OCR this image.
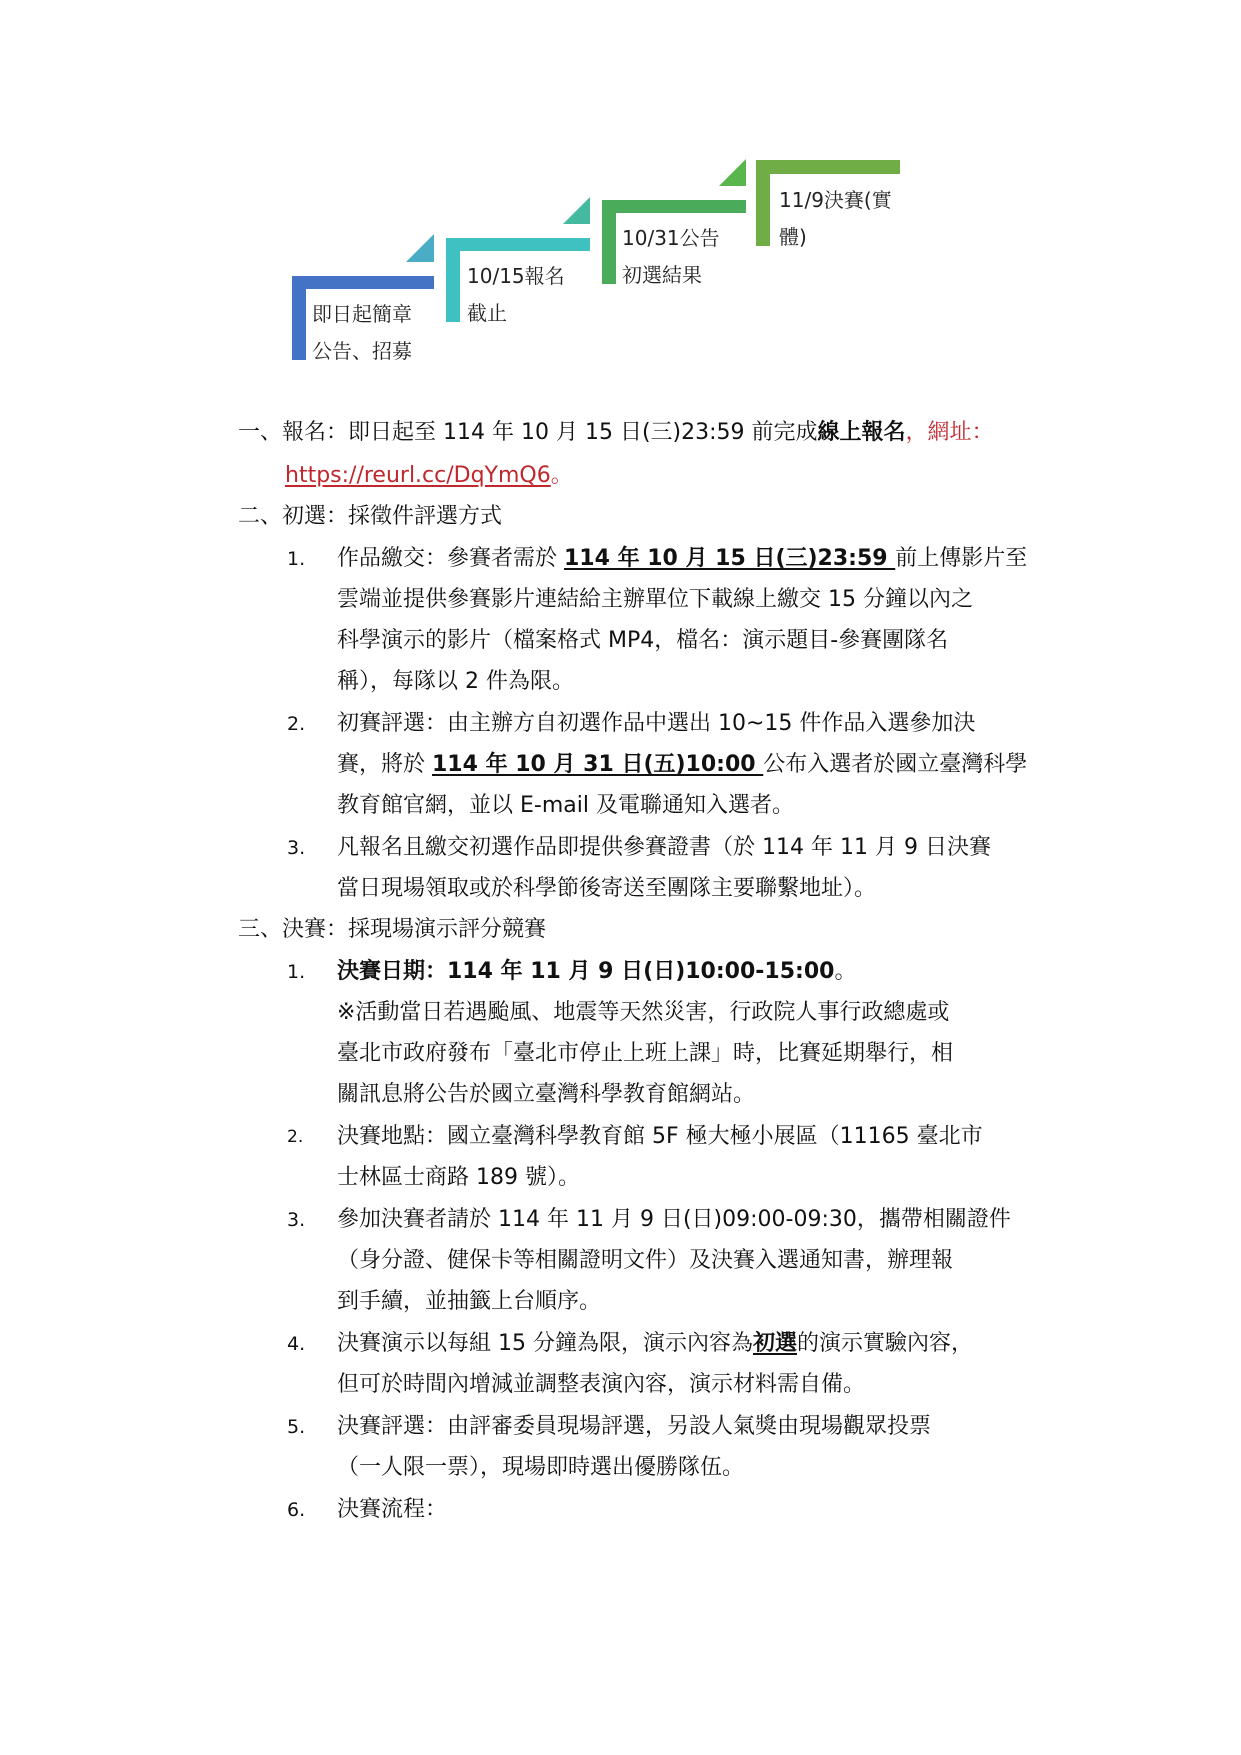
即日起簡章
公告、招募
10/15報名
截止
10/31公告
初選結果
11/9決賽(實
體)
一、報名：即日起至 114 年 10 月 15 日(三)23:59 前完成線上報名，網址：
https://reurl.cc/DqYmQ6。
二、初選：採徵件評選方式
1. 作品繳交：參賽者需於 114 年 10 月 15 日(三)23:59 前上傳影片至
雲端並提供參賽影片連結給主辦單位下載線上繳交 15 分鐘以內之
科學演示的影片（檔案格式 MP4，檔名：演示題目-參賽團隊名
稱），每隊以 2 件為限。
2. 初賽評選：由主辦方自初選作品中選出 10~15 件作品入選參加決
賽，將於 114 年 10 月 31 日(五)10:00 公布入選者於國立臺灣科學
教育館官網，並以 E-mail 及電聯通知入選者。
3. 凡報名且繳交初選作品即提供參賽證書（於 114 年 11 月 9 日決賽
當日現場領取或於科學節後寄送至團隊主要聯繫地址）。
三、決賽：採現場演示評分競賽
1. 決賽日期：114 年 11 月 9 日(日)10:00-15:00。
※活動當日若遇颱風、地震等天然災害，行政院人事行政總處或
臺北市政府發布「臺北市停止上班上課」時，比賽延期舉行，相
關訊息將公告於國立臺灣科學教育館網站。
2. 決賽地點：國立臺灣科學教育館 5F 極大極小展區（11165 臺北市
士林區士商路 189 號）。
3. 參加決賽者請於 114 年 11 月 9 日(日)09:00-09:30，攜帶相關證件
（身分證、健保卡等相關證明文件）及決賽入選通知書，辦理報
到手續，並抽籤上台順序。
4. 決賽演示以每組 15 分鐘為限，演示內容為初選的演示實驗內容，
但可於時間內增減並調整表演內容，演示材料需自備。
5. 決賽評選：由評審委員現場評選，另設人氣獎由現場觀眾投票
（一人限一票），現場即時選出優勝隊伍。
6. 決賽流程：
